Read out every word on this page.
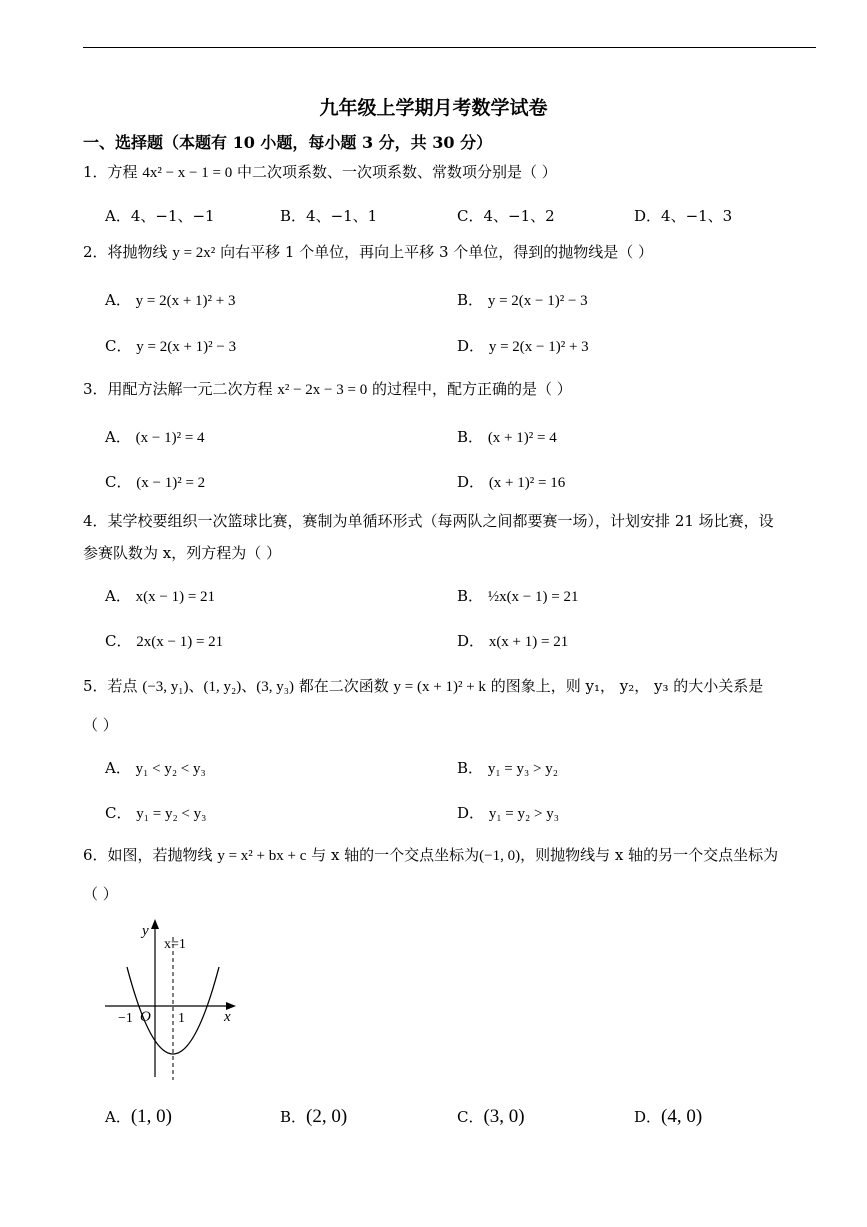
九年级上学期月考数学试卷
一、选择题（本题有 10 小题，每小题 3 分，共 30 分）
1．方程 4x² − x − 1 = 0 中二次项系数、一次项系数、常数项分别是（ ）
A．4、−1、−1	B．4、−1、1	C．4、−1、2	D．4、−1、3
2．将抛物线 y = 2x² 向右平移 1 个单位，再向上平移 3 个单位，得到的抛物线是（ ）
A． y = 2(x + 1)² + 3	B． y = 2(x − 1)² − 3
C． y = 2(x + 1)² − 3	D． y = 2(x − 1)² + 3
3．用配方法解一元二次方程 x² − 2x − 3 = 0 的过程中，配方正确的是（ ）
A． (x − 1)² = 4	B． (x + 1)² = 4
C． (x − 1)² = 2	D． (x + 1)² = 16
4．某学校要组织一次篮球比赛，赛制为单循环形式（每两队之间都要赛一场），计划安排 21 场比赛，设
参赛队数为 x，列方程为（ ）
A． x(x − 1) = 21	B． ½x(x − 1) = 21
C． 2x(x − 1) = 21	D． x(x + 1) = 21
5．若点 (−3, y₁)、(1, y₂)、(3, y₃) 都在二次函数 y = (x + 1)² + k 的图象上，则 y₁， y₂， y₃ 的大小关系是
（ ）
A． y₁ < y₂ < y₃	B． y₁ = y₃ > y₂
C． y₁ = y₂ < y₃	D． y₁ = y₂ > y₃
6．如图，若抛物线 y = x² + bx + c 与 x 轴的一个交点坐标为(−1, 0)，则抛物线与 x 轴的另一个交点坐标为
（ ）
y
x
x=1
−1 O 1
A．(1, 0)	B．(2, 0)	C．(3, 0)	D．(4, 0)
